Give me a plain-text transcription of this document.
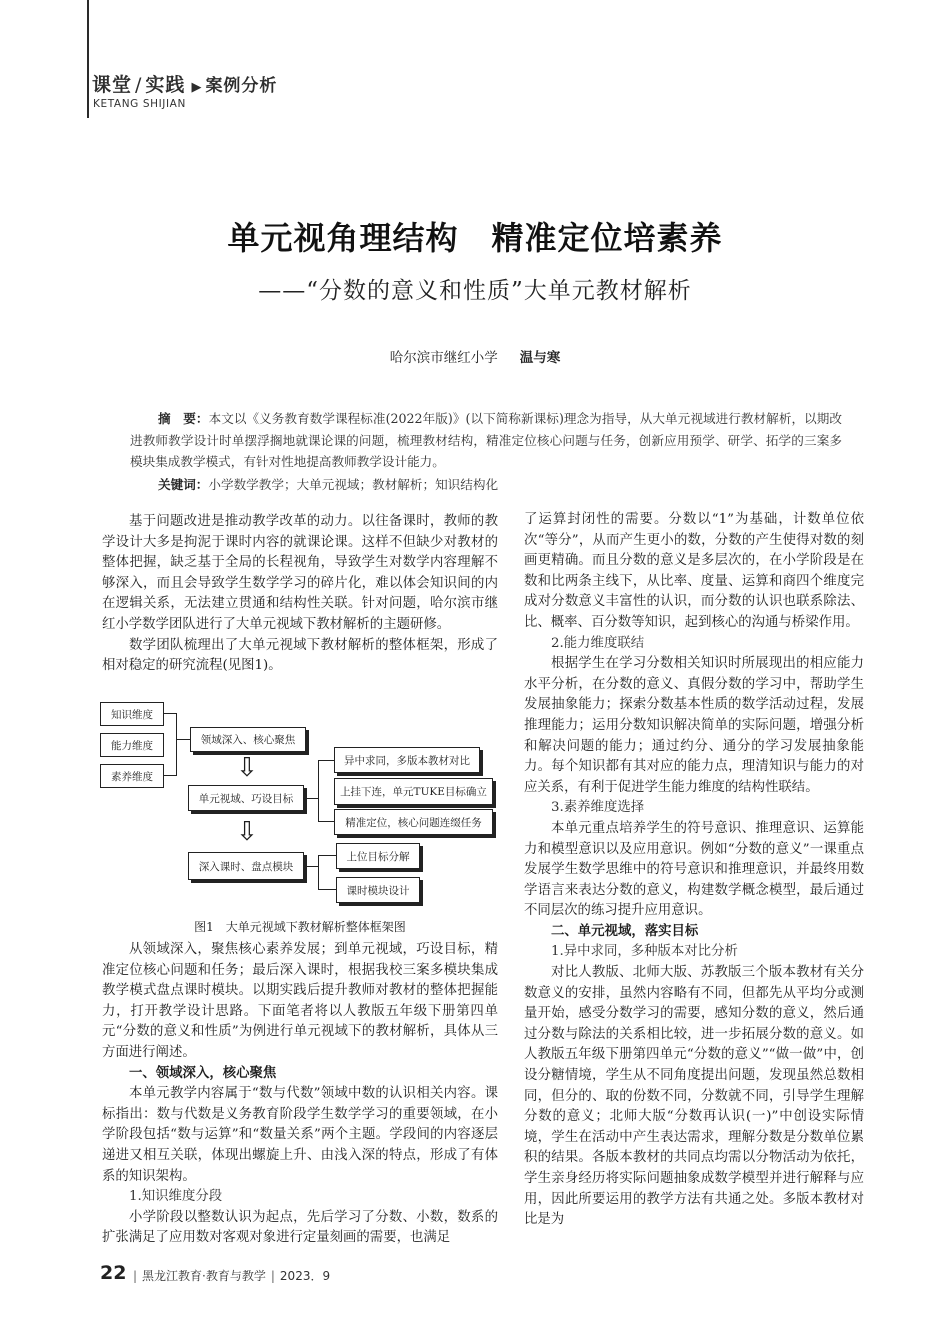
课堂 / 实践 ▶ 案例分析
KETANG SHIJIAN
单元视角理结构　精准定位培素养
——“分数的意义和性质”大单元教材解析
哈尔滨市继红小学 温与寒

摘　要：本文以《义务教育数学课程标准(2022年版)》(以下简称新课标)理念为指导，从大单元视域进行教材解析，以期改进教师教学设计时单摆浮搁地就课论课的问题，梳理教材结构，精准定位核心问题与任务，创新应用预学、研学、拓学的三案多模块集成教学模式，有针对性地提高教师教学设计能力。

关键词：小学数学教学；大单元视域；教材解析；知识结构化

基于问题改进是推动教学改革的动力。以往备课时，教师的教学设计大多是拘泥于课时内容的就课论课。这样不但缺少对教材的整体把握，缺乏基于全局的长程视角，导致学生对数学内容理解不够深入，而且会导致学生数学学习的碎片化，难以体会知识间的内在逻辑关系，无法建立贯通和结构性关联。针对问题，哈尔滨市继红小学数学团队进行了大单元视域下教材解析的主题研修。

数学团队梳理出了大单元视域下教材解析的整体框架，形成了相对稳定的研究流程(见图1)。

知识维度
能力维度
素养维度
领域深入、核心聚焦
⇩
单元视域、巧设目标
⇩
深入课时、盘点模块
异中求同，多版本教材对比
上挂下连，单元TUKE目标确立
精准定位，核心问题连缀任务
上位目标分解
课时模块设计
图1　大单元视域下教材解析整体框架图

从领域深入，聚焦核心素养发展；到单元视域，巧设目标，精准定位核心问题和任务；最后深入课时，根据我校三案多模块集成教学模式盘点课时模块。以期实践后提升教师对教材的整体把握能力，打开教学设计思路。下面笔者将以人教版五年级下册第四单元“分数的意义和性质”为例进行单元视域下的教材解析，具体从三方面进行阐述。

一、领域深入，核心聚焦

本单元教学内容属于“数与代数”领域中数的认识相关内容。课标指出：数与代数是义务教育阶段学生数学学习的重要领域，在小学阶段包括“数与运算”和“数量关系”两个主题。学段间的内容逐层递进又相互关联，体现出螺旋上升、由浅入深的特点，形成了有体系的知识架构。

1.知识维度分段

小学阶段以整数认识为起点，先后学习了分数、小数，数系的扩张满足了应用数对客观对象进行定量刻画的需要，也满足

了运算封闭性的需要。分数以“1”为基础，计数单位依次“等分”，从而产生更小的数，分数的产生使得对数的刻画更精确。而且分数的意义是多层次的，在小学阶段是在数和比两条主线下，从比率、度量、运算和商四个维度完成对分数意义丰富性的认识，而分数的认识也联系除法、比、概率、百分数等知识，起到核心的沟通与桥梁作用。

2.能力维度联结

根据学生在学习分数相关知识时所展现出的相应能力水平分析，在分数的意义、真假分数的学习中，帮助学生发展抽象能力；探索分数基本性质的数学活动过程，发展推理能力；运用分数知识解决简单的实际问题，增强分析和解决问题的能力；通过约分、通分的学习发展抽象能力。每个知识都有其对应的能力点，理清知识与能力的对应关系，有利于促进学生能力维度的结构性联结。

3.素养维度选择

本单元重点培养学生的符号意识、推理意识、运算能力和模型意识以及应用意识。例如“分数的意义”一课重点发展学生数学思维中的符号意识和推理意识，并最终用数学语言来表达分数的意义，构建数学概念模型，最后通过不同层次的练习提升应用意识。

二、单元视域，落实目标

1.异中求同，多种版本对比分析

对比人教版、北师大版、苏教版三个版本教材有关分数意义的安排，虽然内容略有不同，但都先从平均分或测量开始，感受分数学习的需要，感知分数的意义，然后通过分数与除法的关系相比较，进一步拓展分数的意义。如人教版五年级下册第四单元“分数的意义”“做一做”中，创设分糖情境，学生从不同角度提出问题，发现虽然总数相同，但分的、取的份数不同，分数就不同，引导学生理解分数的意义；北师大版“分数再认识(一)”中创设实际情境，学生在活动中产生表达需求，理解分数是分数单位累积的结果。各版本教材的共同点均需以分物活动为依托，学生亲身经历将实际问题抽象成数学模型并进行解释与应用，因此所要运用的教学方法有共通之处。多版本教材对比是为

22 | 黑龙江教育·教育与教学 | 2023．9
